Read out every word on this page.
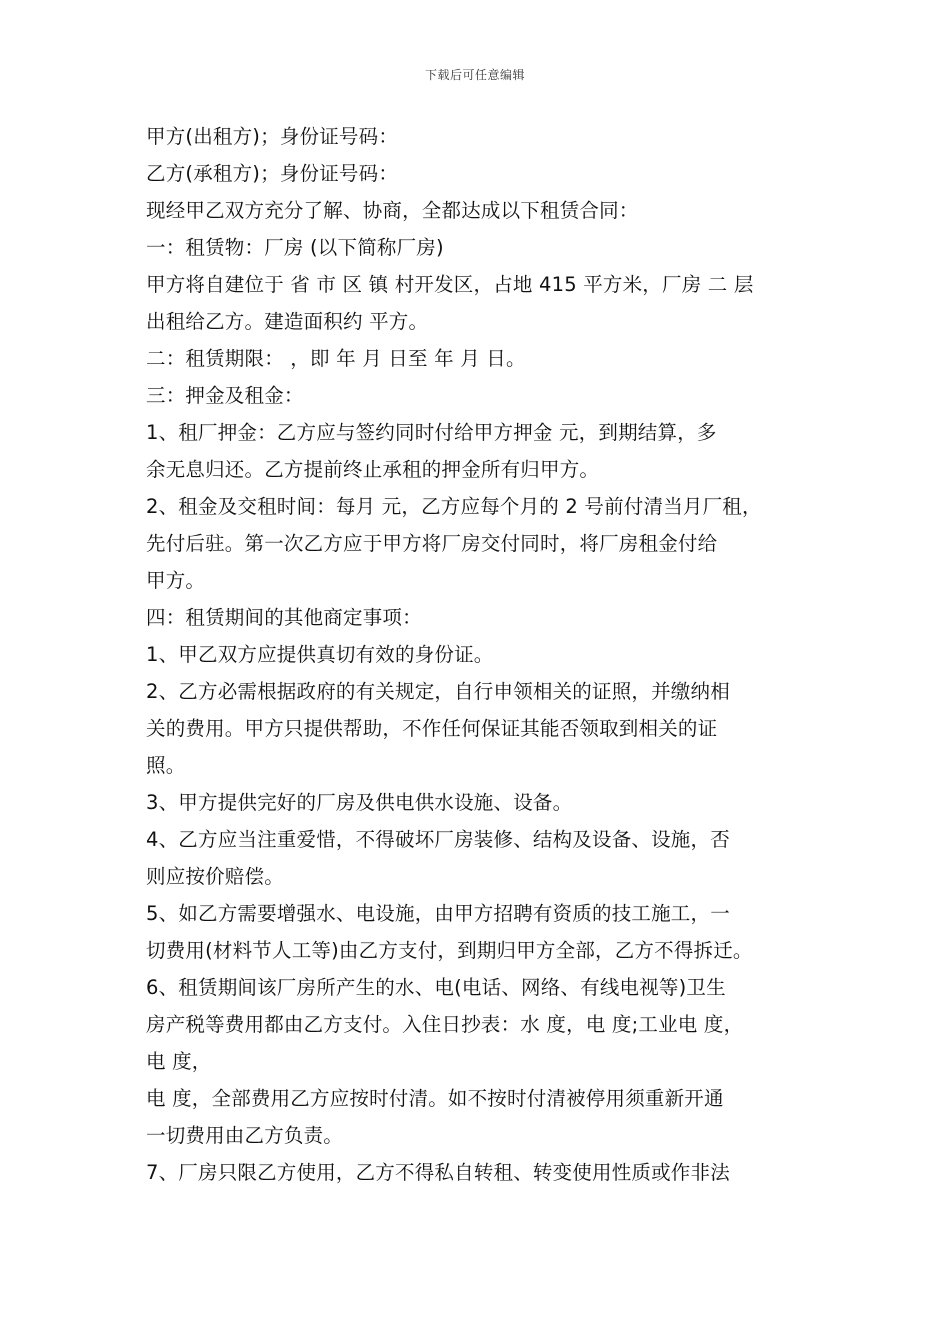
下载后可任意编辑
甲方(出租方)；身份证号码：
乙方(承租方)；身份证号码：
现经甲乙双方充分了解、协商，全都达成以下租赁合同：
一：租赁物：厂房 (以下简称厂房)
甲方将自建位于 省 市 区 镇 村开发区，占地 415 平方米，厂房 二 层
出租给乙方。建造面积约 平方。
二：租赁期限： ，即 年 月 日至 年 月 日。
三：押金及租金：
1、租厂押金：乙方应与签约同时付给甲方押金 元，到期结算，多
余无息归还。乙方提前终止承租的押金所有归甲方。
2、租金及交租时间：每月 元，乙方应每个月的 2 号前付清当月厂租，
先付后驻。第一次乙方应于甲方将厂房交付同时，将厂房租金付给
甲方。
四：租赁期间的其他商定事项：
1、甲乙双方应提供真切有效的身份证。
2、乙方必需根据政府的有关规定，自行申领相关的证照，并缴纳相
关的费用。甲方只提供帮助，不作任何保证其能否领取到相关的证
照。
3、甲方提供完好的厂房及供电供水设施、设备。
4、乙方应当注重爱惜，不得破坏厂房装修、结构及设备、设施，否
则应按价赔偿。
5、如乙方需要增强水、电设施，由甲方招聘有资质的技工施工，一
切费用(材料节人工等)由乙方支付，到期归甲方全部，乙方不得拆迁。
6、租赁期间该厂房所产生的水、电(电话、网络、有线电视等)卫生
房产税等费用都由乙方支付。入住日抄表：水 度，电 度;工业电 度，
电 度，
电 度，全部费用乙方应按时付清。如不按时付清被停用须重新开通
一切费用由乙方负责。
7、厂房只限乙方使用，乙方不得私自转租、转变使用性质或作非法
